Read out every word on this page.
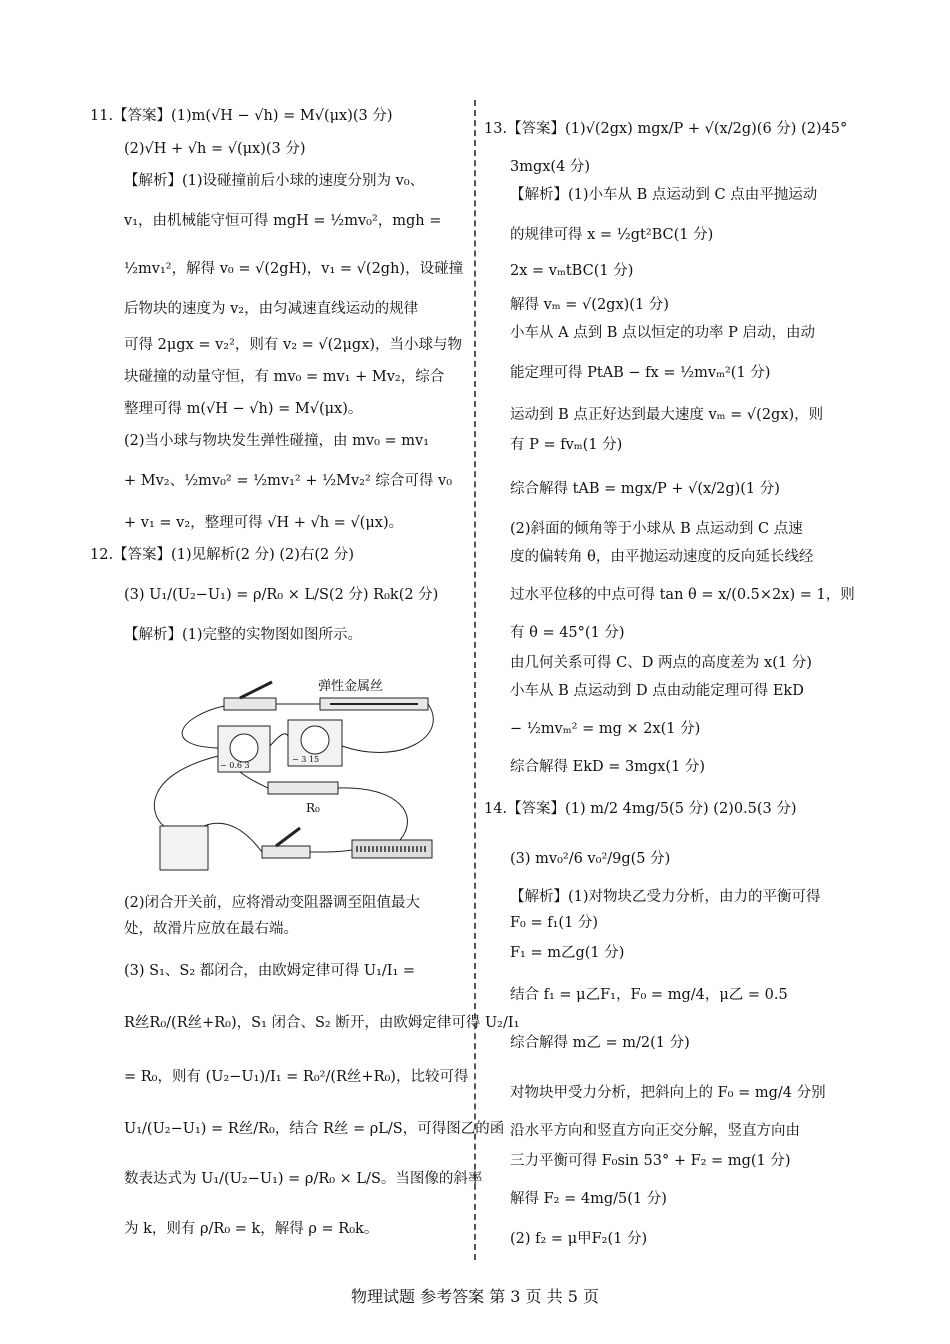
11.【答案】(1)m(√H − √h) = M√(μx)(3 分)
(2)√H + √h = √(μx)(3 分)
【解析】(1)设碰撞前后小球的速度分别为 v₀、
v₁，由机械能守恒可得 mgH = ½mv₀²，mgh =
½mv₁²，解得 v₀ = √(2gH)，v₁ = √(2gh)，设碰撞
后物块的速度为 v₂，由匀减速直线运动的规律
可得 2μgx = v₂²，则有 v₂ = √(2μgx)，当小球与物
块碰撞的动量守恒，有 mv₀ = mv₁ + Mv₂，综合
整理可得 m(√H − √h) = M√(μx)。
(2)当小球与物块发生弹性碰撞，由 mv₀ = mv₁
+ Mv₂、½mv₀² = ½mv₁² + ½Mv₂² 综合可得 v₀
+ v₁ = v₂，整理可得 √H + √h = √(μx)。
12.【答案】(1)见解析(2 分) (2)右(2 分)
(3) U₁/(U₂−U₁) = ρ/R₀ × L/S(2 分) R₀k(2 分)
【解析】(1)完整的实物图如图所示。
(2)闭合开关前，应将滑动变阻器调至阻值最大
处，故滑片应放在最右端。
(3) S₁、S₂ 都闭合，由欧姆定律可得 U₁/I₁ =
R丝R₀/(R丝+R₀)，S₁ 闭合、S₂ 断开，由欧姆定律可得 U₂/I₁
= R₀，则有 (U₂−U₁)/I₁ = R₀²/(R丝+R₀)，比较可得
U₁/(U₂−U₁) = R丝/R₀，结合 R丝 = ρL/S，可得图乙的函
数表达式为 U₁/(U₂−U₁) = ρ/R₀ × L/S。当图像的斜率
为 k，则有 ρ/R₀ = k，解得 ρ = R₀k。
弹性金属丝
− 0.6 3
− 3 15
R₀
13.【答案】(1)√(2gx) mgx/P + √(x/2g)(6 分) (2)45°
3mgx(4 分)
【解析】(1)小车从 B 点运动到 C 点由平抛运动
的规律可得 x = ½gt²BC(1 分)
2x = vₘtBC(1 分)
解得 vₘ = √(2gx)(1 分)
小车从 A 点到 B 点以恒定的功率 P 启动，由动
能定理可得 PtAB − fx = ½mvₘ²(1 分)
运动到 B 点正好达到最大速度 vₘ = √(2gx)，则
有 P = fvₘ(1 分)
综合解得 tAB = mgx/P + √(x/2g)(1 分)
(2)斜面的倾角等于小球从 B 点运动到 C 点速
度的偏转角 θ，由平抛运动速度的反向延长线经
过水平位移的中点可得 tan θ = x/(0.5×2x) = 1，则
有 θ = 45°(1 分)
由几何关系可得 C、D 两点的高度差为 x(1 分)
小车从 B 点运动到 D 点由动能定理可得 EkD
− ½mvₘ² = mg × 2x(1 分)
综合解得 EkD = 3mgx(1 分)
14.【答案】(1) m/2 4mg/5(5 分) (2)0.5(3 分)
(3) mv₀²/6 v₀²/9g(5 分)
【解析】(1)对物块乙受力分析，由力的平衡可得
F₀ = f₁(1 分)
F₁ = m乙g(1 分)
结合 f₁ = μ乙F₁，F₀ = mg/4，μ乙 = 0.5
综合解得 m乙 = m/2(1 分)
对物块甲受力分析，把斜向上的 F₀ = mg/4 分别
沿水平方向和竖直方向正交分解，竖直方向由
三力平衡可得 F₀sin 53° + F₂ = mg(1 分)
解得 F₂ = 4mg/5(1 分)
(2) f₂ = μ甲F₂(1 分)
物理试题 参考答案 第 3 页 共 5 页
